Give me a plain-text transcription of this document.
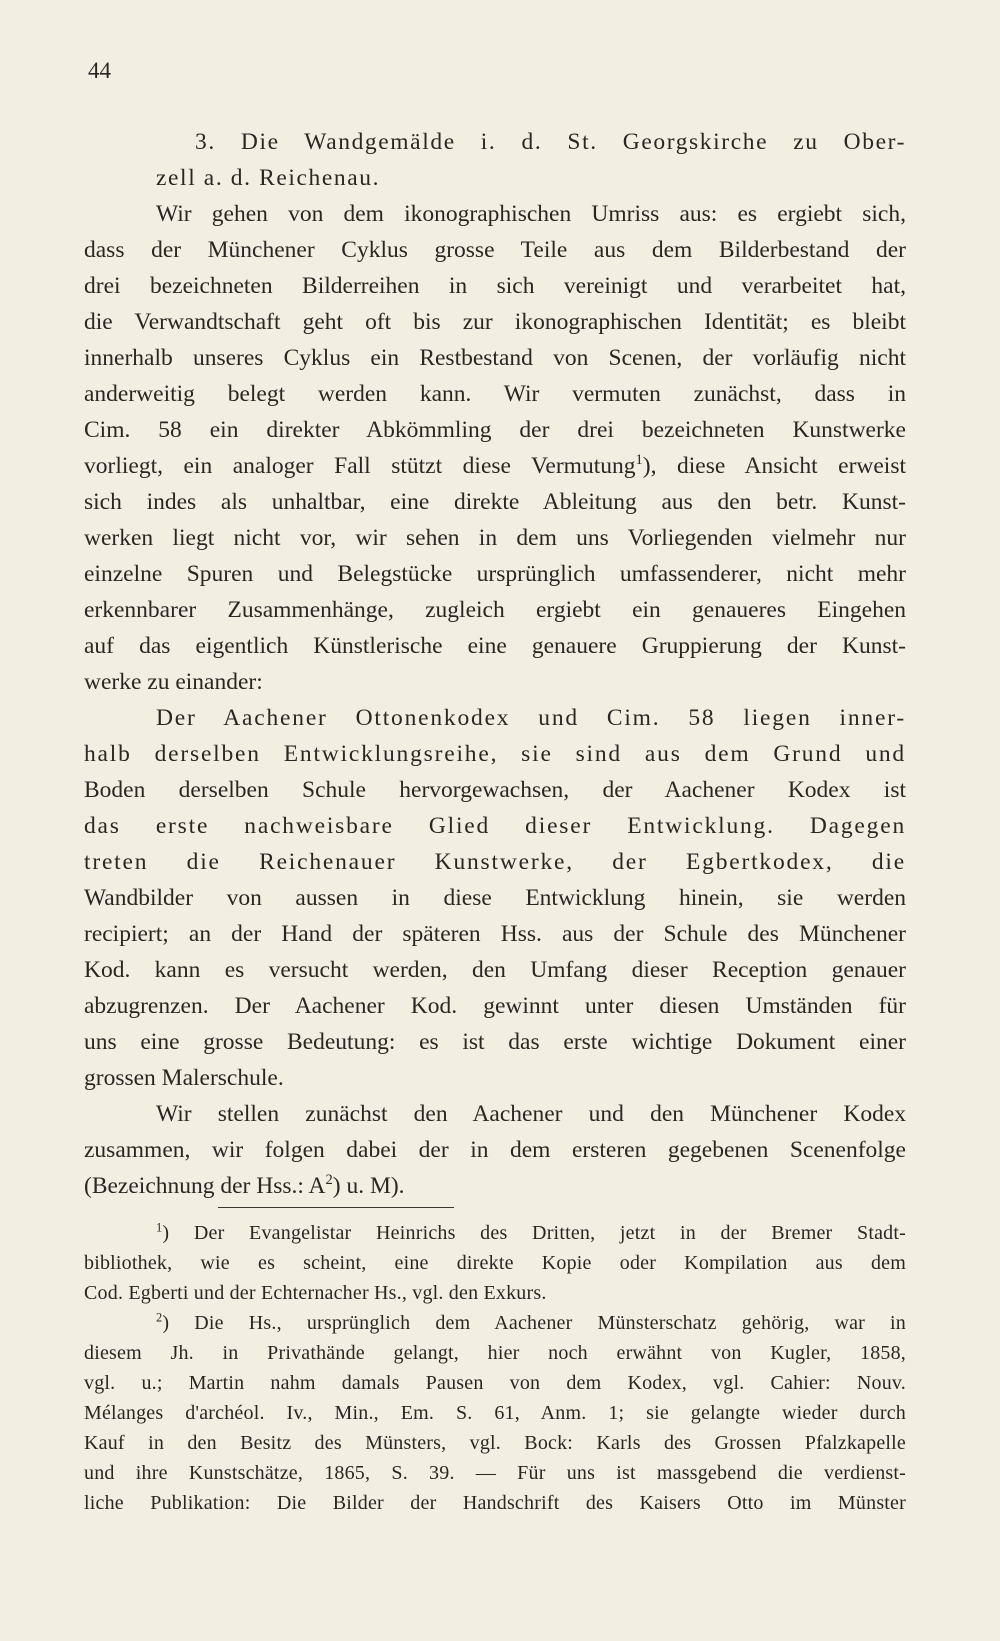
44
3. Die Wandgemälde i. d. St. Georgskirche zu Ober-
zell a. d. Reichenau.
Wir gehen von dem ikonographischen Umriss aus: es ergiebt sich,
dass der Münchener Cyklus grosse Teile aus dem Bilderbestand der
drei bezeichneten Bilderreihen in sich vereinigt und verarbeitet hat,
die Verwandtschaft geht oft bis zur ikonographischen Identität; es bleibt
innerhalb unseres Cyklus ein Restbestand von Scenen, der vorläufig nicht
anderweitig belegt werden kann. Wir vermuten zunächst, dass in
Cim. 58 ein direkter Abkömmling der drei bezeichneten Kunstwerke
vorliegt, ein analoger Fall stützt diese Vermutung$^1$), diese Ansicht erweist
sich indes als unhaltbar, eine direkte Ableitung aus den betr. Kunst-
werken liegt nicht vor, wir sehen in dem uns Vorliegenden vielmehr nur
einzelne Spuren und Belegstücke ursprünglich umfassenderer, nicht mehr
erkennbarer Zusammenhänge, zugleich ergiebt ein genaueres Eingehen
auf das eigentlich Künstlerische eine genauere Gruppierung der Kunst-
werke zu einander:
Der Aachener Ottonenkodex und Cim. 58 liegen inner-
halb derselben Entwicklungsreihe, sie sind aus dem Grund und
Boden derselben Schule hervorgewachsen, der Aachener Kodex ist
das erste nachweisbare Glied dieser Entwicklung. Dagegen
treten die Reichenauer Kunstwerke, der Egbertkodex, die
Wandbilder von aussen in diese Entwicklung hinein, sie werden
recipiert; an der Hand der späteren Hss. aus der Schule des Münchener
Kod. kann es versucht werden, den Umfang dieser Reception genauer
abzugrenzen. Der Aachener Kod. gewinnt unter diesen Umständen für
uns eine grosse Bedeutung: es ist das erste wichtige Dokument einer
grossen Malerschule.
Wir stellen zunächst den Aachener und den Münchener Kodex
zusammen, wir folgen dabei der in dem ersteren gegebenen Scenenfolge
(Bezeichnung der Hss.: $A^2$) u. M).
$^1$) Der Evangelistar Heinrichs des Dritten, jetzt in der Bremer Stadt-
bibliothek, wie es scheint, eine direkte Kopie oder Kompilation aus dem
Cod. Egberti und der Echternacher Hs., vgl. den Exkurs.
$^2$) Die Hs., ursprünglich dem Aachener Münsterschatz gehörig, war in
diesem Jh. in Privathände gelangt, hier noch erwähnt von Kugler, 1858,
vgl. u.; Martin nahm damals Pausen von dem Kodex, vgl. Cahier: Nouv.
Mélanges d'archéol. Iv., Min., Em. S. 61, Anm. 1; sie gelangte wieder durch
Kauf in den Besitz des Münsters, vgl. Bock: Karls des Grossen Pfalzkapelle
und ihre Kunstschätze, 1865, S. 39. — Für uns ist massgebend die verdienst-
liche Publikation: Die Bilder der Handschrift des Kaisers Otto im Münster
